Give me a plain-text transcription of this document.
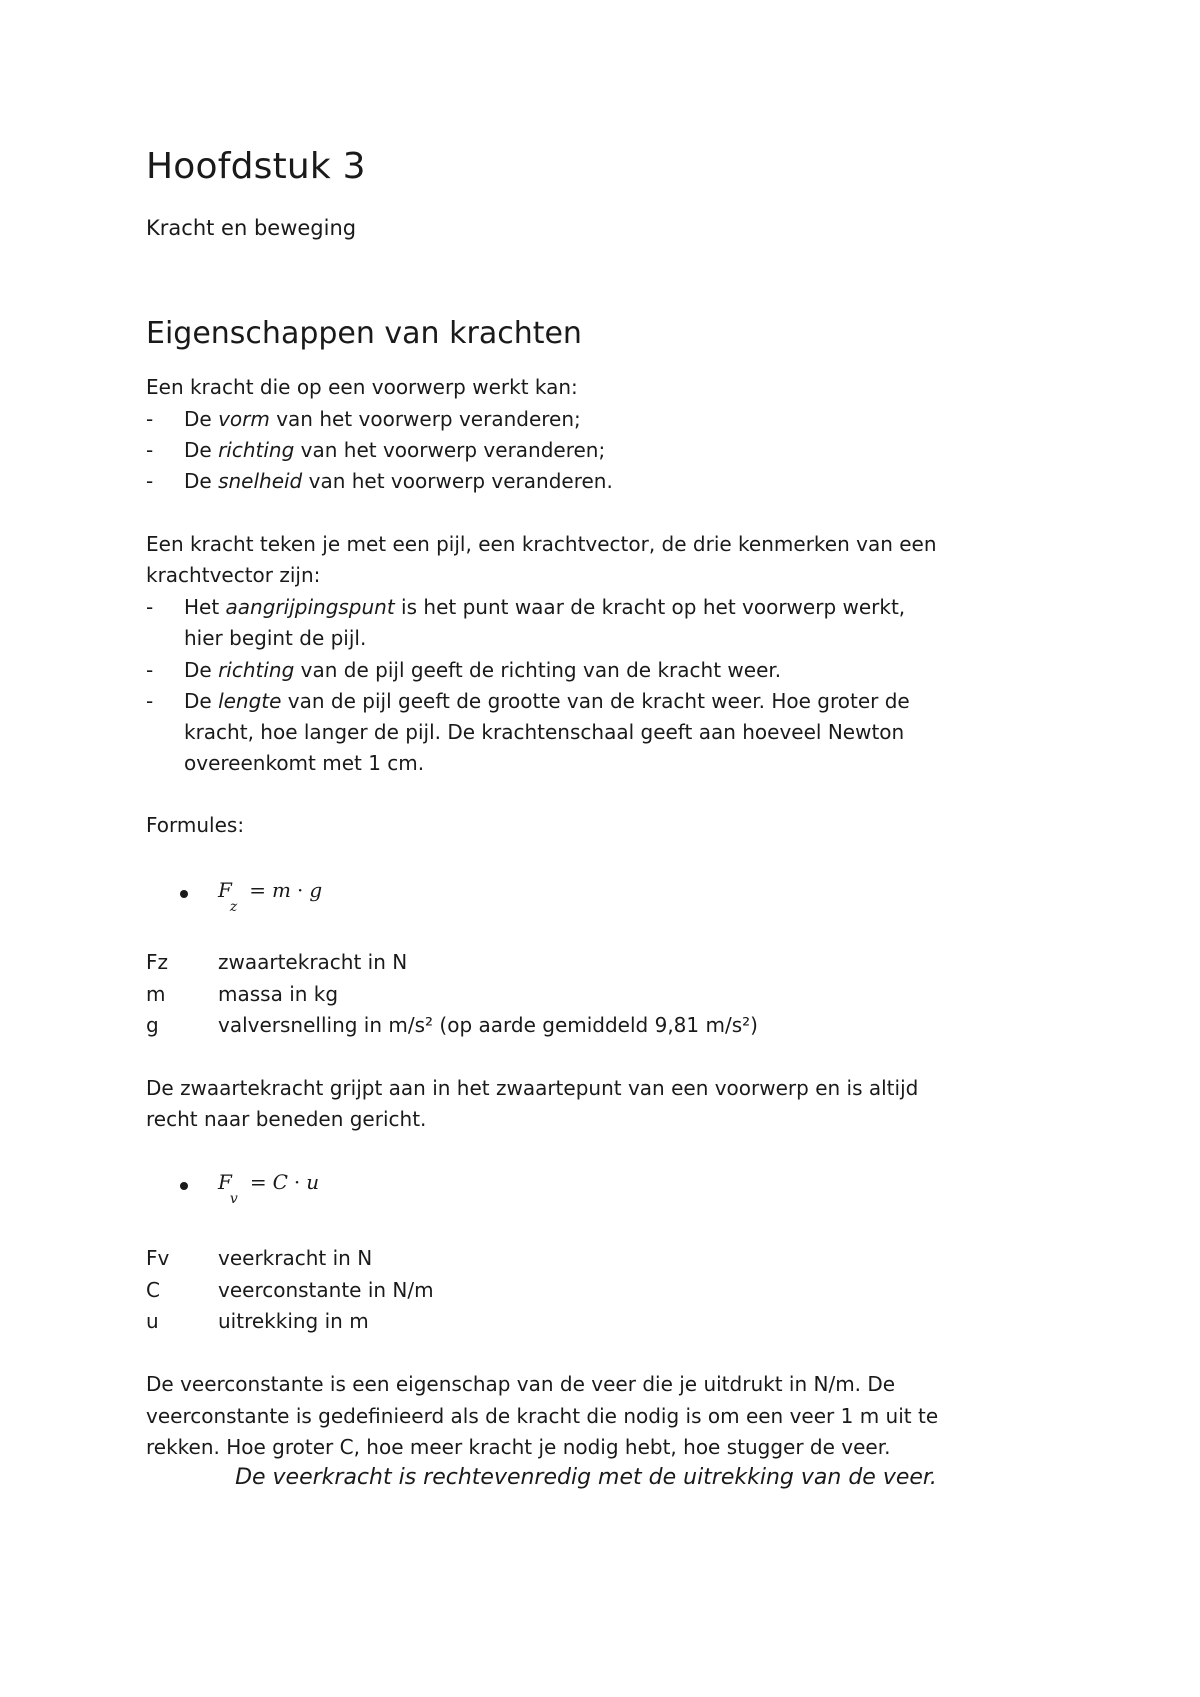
Hoofdstuk 3
Kracht en beweging
Eigenschappen van krachten
Een kracht die op een voorwerp werkt kan:
-	De vorm van het voorwerp veranderen;
-	De richting van het voorwerp veranderen;
-	De snelheid van het voorwerp veranderen.
Een kracht teken je met een pijl, een krachtvector, de drie kenmerken van een
krachtvector zijn:
-	Het aangrijpingspunt is het punt waar de kracht op het voorwerp werkt,
hier begint de pijl.
-	De richting van de pijl geeft de richting van de kracht weer.
-	De lengte van de pijl geeft de grootte van de kracht weer. Hoe groter de
kracht, hoe langer de pijl. De krachtenschaal geeft aan hoeveel Newton
overeenkomt met 1 cm.
Formules:
$F_z= m \cdot g$
Fz	zwaartekracht in N
m	massa in kg
g	valversnelling in m/s² (op aarde gemiddeld 9,81 m/s²)
De zwaartekracht grijpt aan in het zwaartepunt van een voorwerp en is altijd
recht naar beneden gericht.
$F_v= C \cdot u$
Fv	veerkracht in N
C	veerconstante in N/m
u	uitrekking in m
De veerconstante is een eigenschap van de veer die je uitdrukt in N/m. De
veerconstante is gedefinieerd als de kracht die nodig is om een veer 1 m uit te
rekken. Hoe groter C, hoe meer kracht je nodig hebt, hoe stugger de veer.
De veerkracht is rechtevenredig met de uitrekking van de veer.
